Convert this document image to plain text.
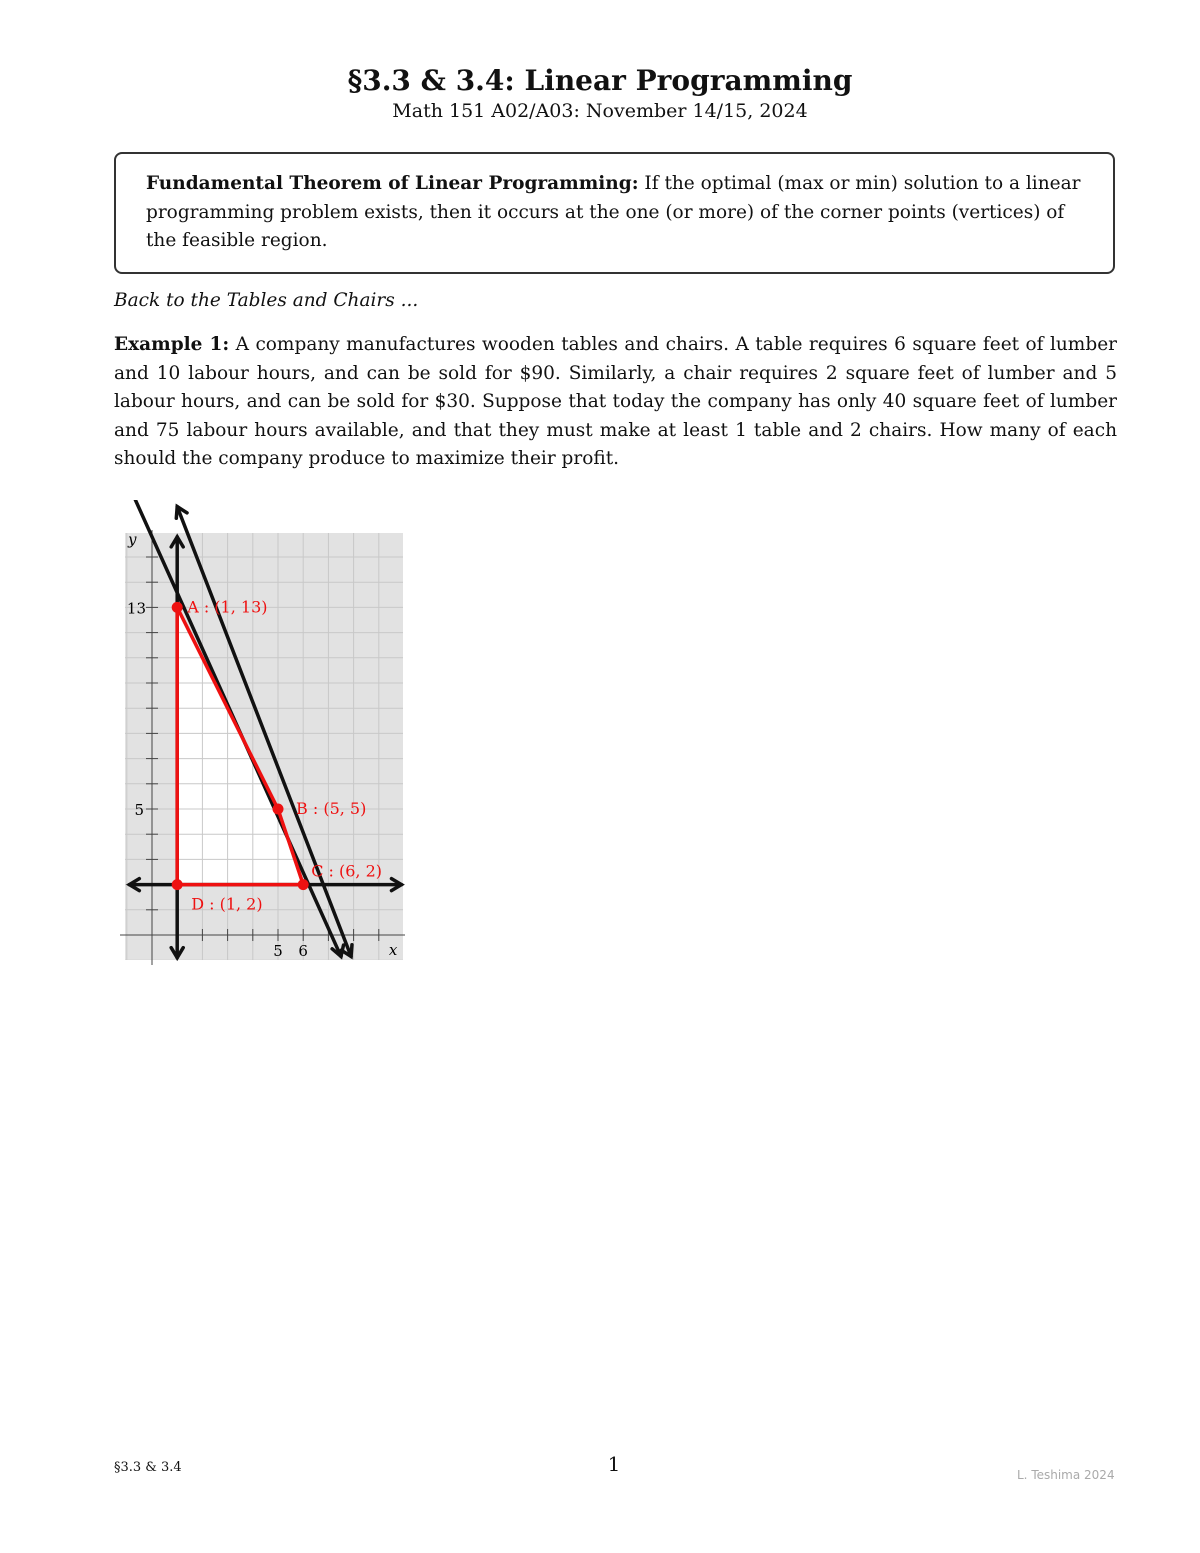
§3.3 & 3.4: Linear Programming
Math 151 A02/A03: November 14/15, 2024
Fundamental Theorem of Linear Programming: If the optimal (max or min) solution to a linear programming problem exists, then it occurs at the one (or more) of the corner points (vertices) of the feasible region.
Back to the Tables and Chairs ...
Example 1: A company manufactures wooden tables and chairs. A table requires 6 square feet of lumber and 10 labour hours, and can be sold for $90. Similarly, a chair requires 2 square feet of lumber and 5 labour hours, and can be sold for $30. Suppose that today the company has only 40 square feet of lumber and 75 labour hours available, and that they must make at least 1 table and 2 chairs. How many of each should the company produce to maximize their profit.
13
5
5 6	x
y
A : (1, 13)
B : (5, 5)
C : (6, 2)
D : (1, 2)
§3.3 & 3.4	1	L. Teshima 2024
